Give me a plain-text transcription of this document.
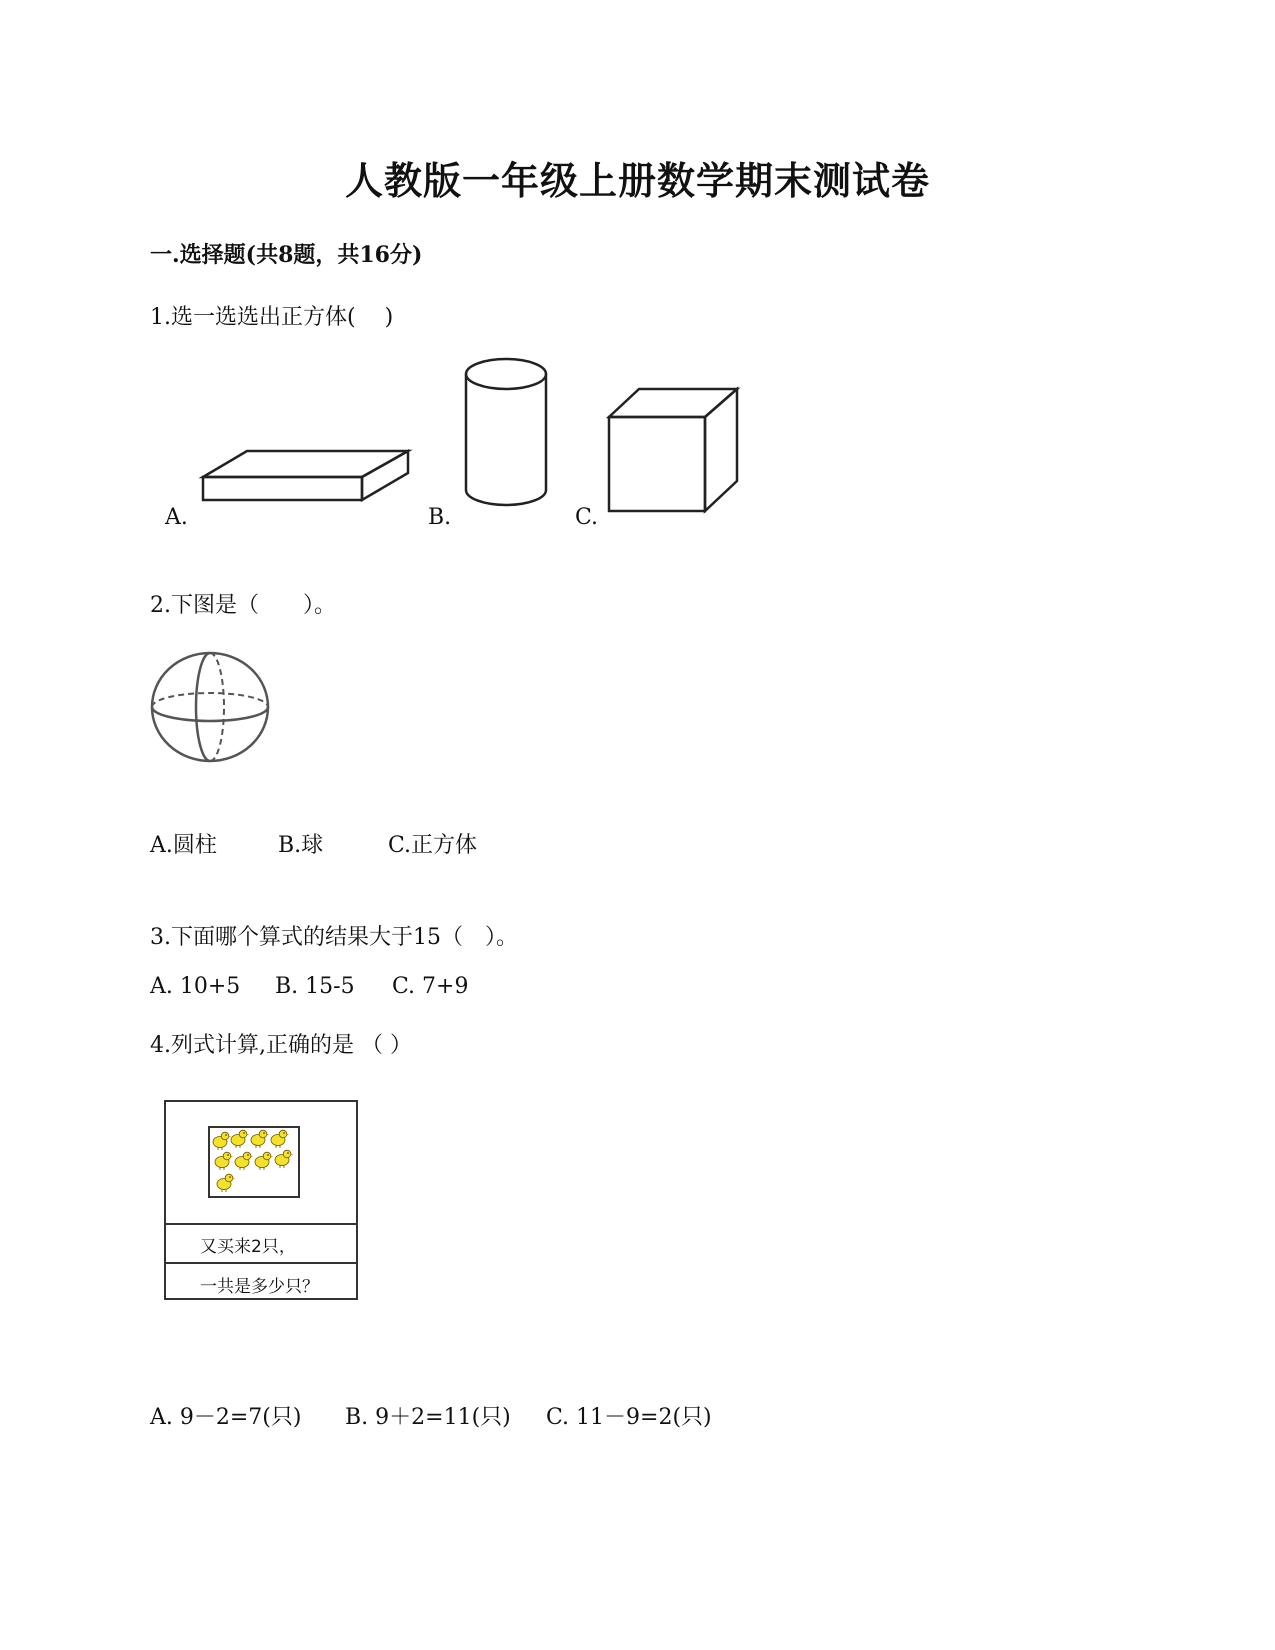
人教版一年级上册数学期末测试卷
一.选择题(共8题，共16分)
1.选一选选出正方体(　 )
A.	B.	C.
2.下图是（　　）。
A.圆柱	B.球	C.正方体
3.下面哪个算式的结果大于15（　）。
A. 10+5 B. 15-5 C. 7+9
4.列式计算,正确的是 （ ）
又买来2只，
一共是多少只？
A. 9－2=7(只) B. 9＋2=11(只) C. 11－9=2(只)
